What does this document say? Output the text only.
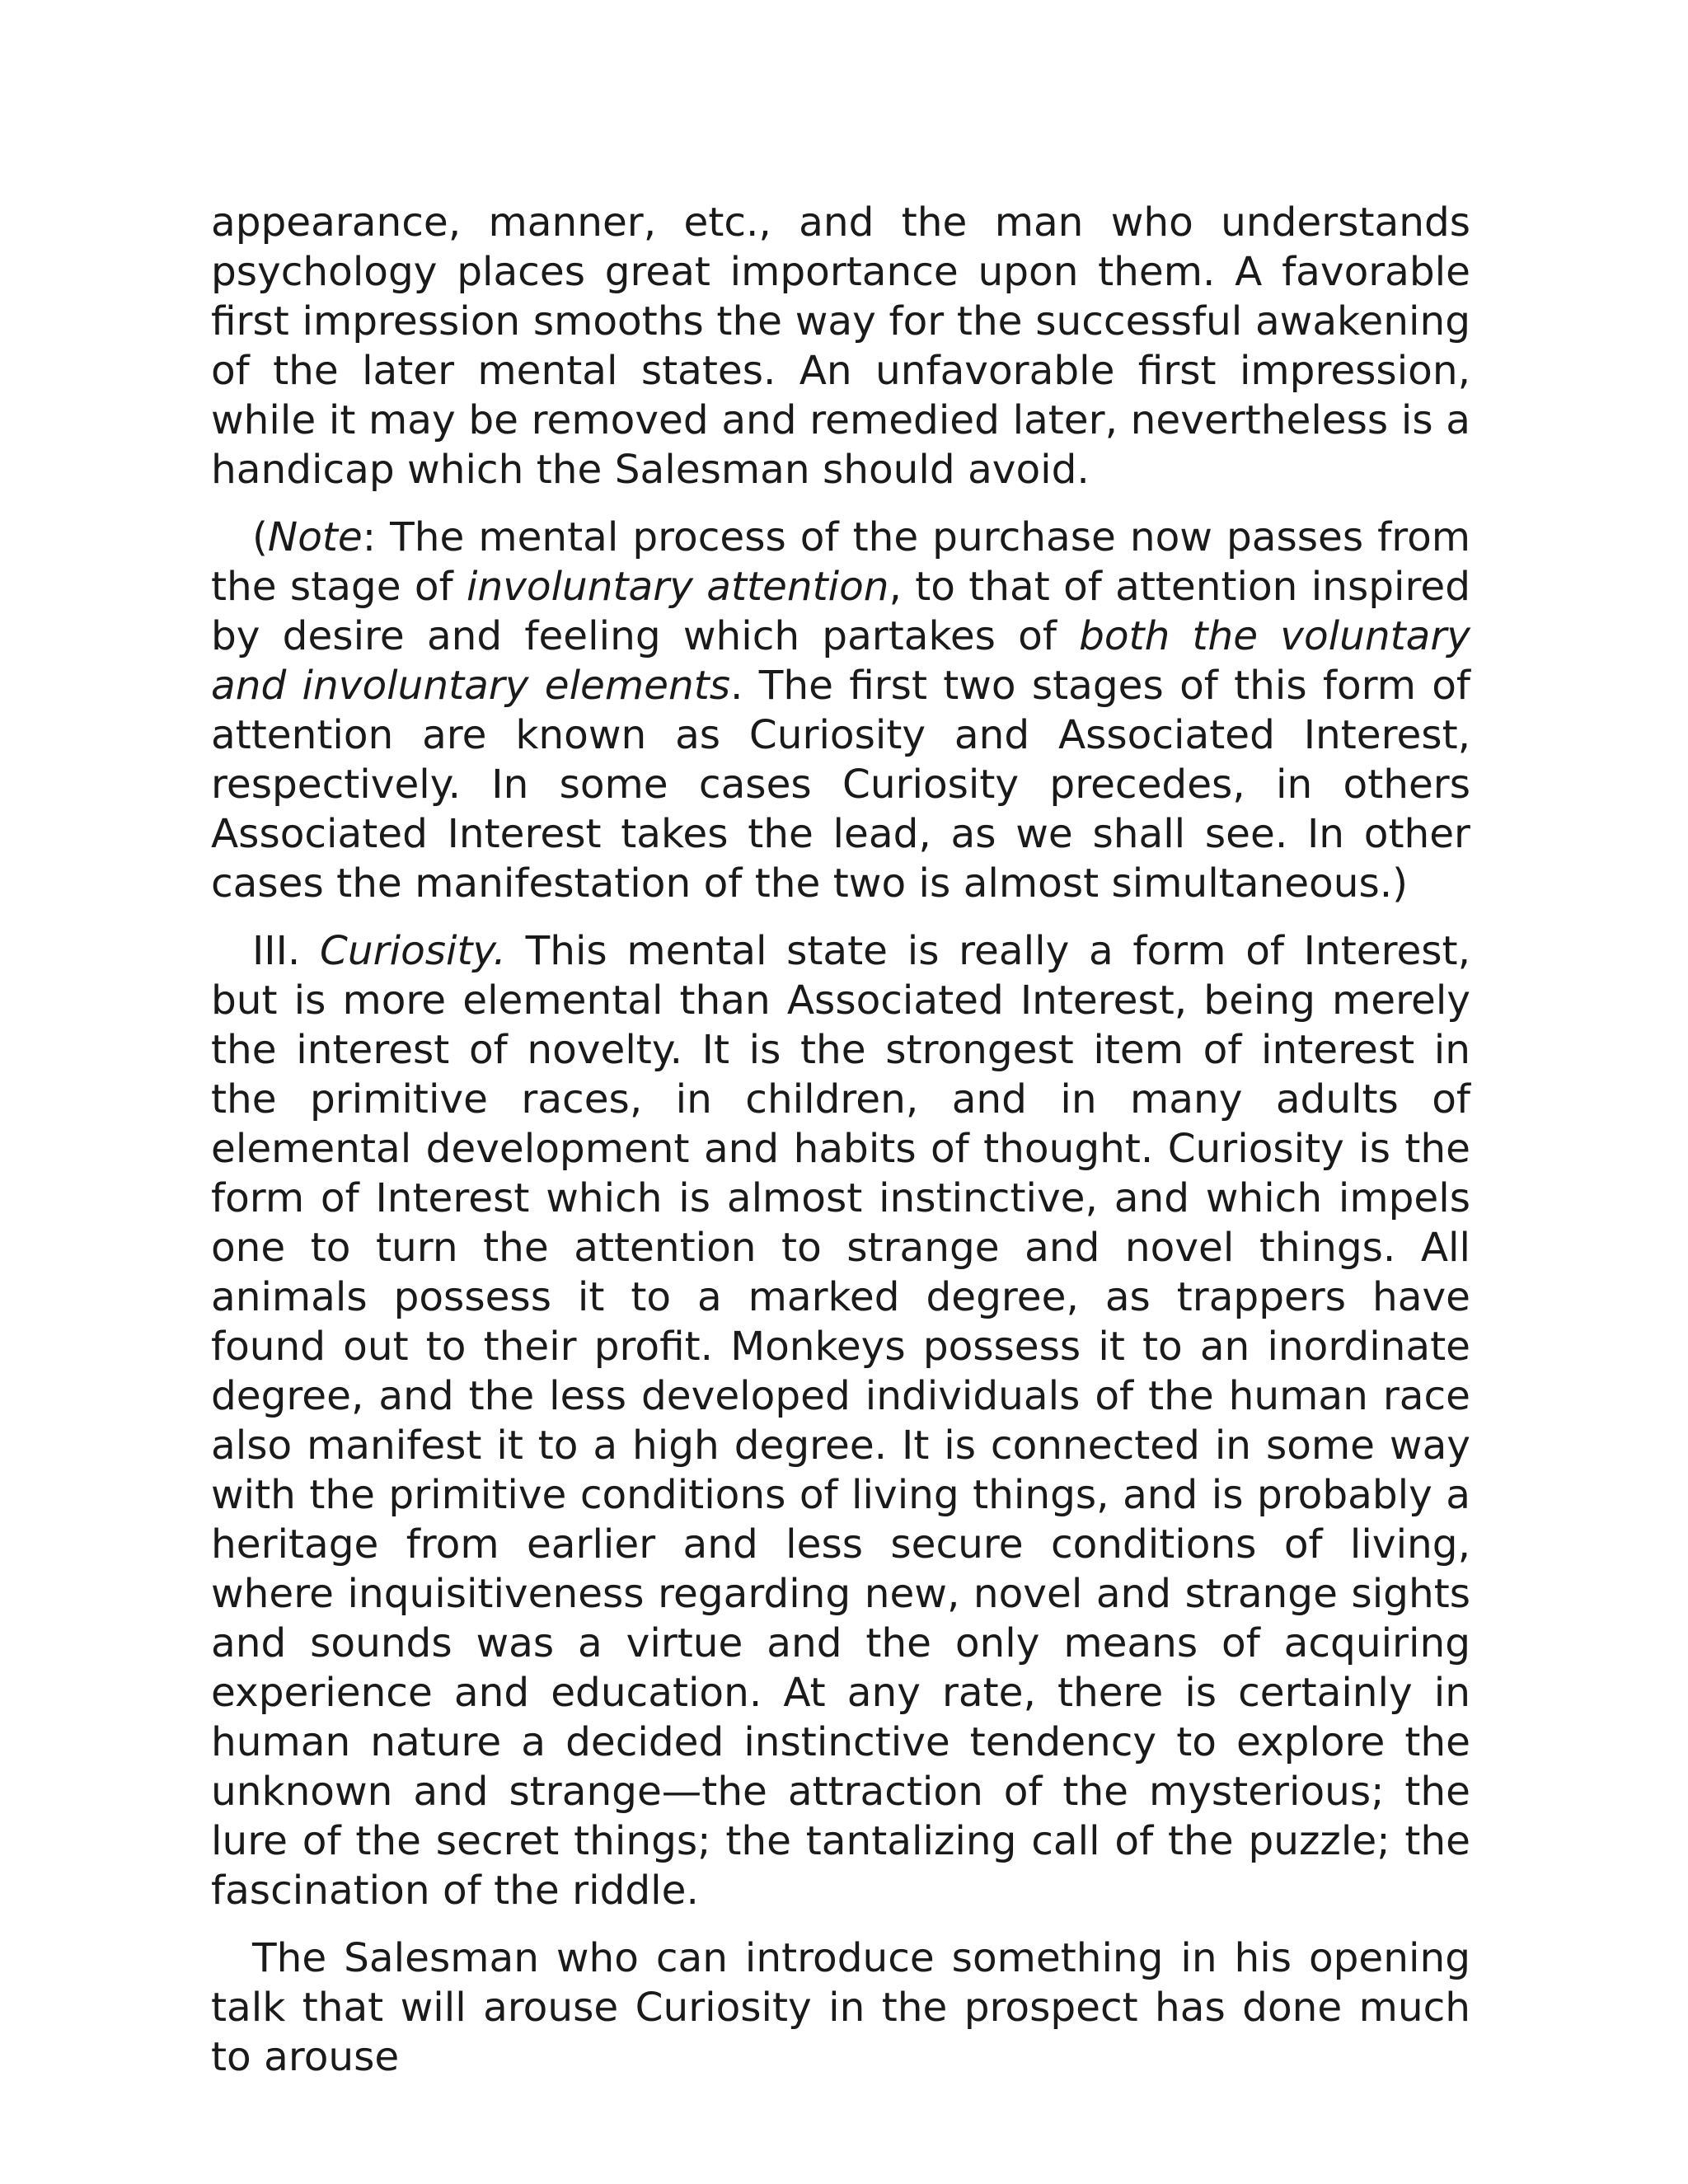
appearance, manner, etc., and the man who understands psychology places great importance upon them. A favorable first impression smooths the way for the successful awakening of the later mental states. An unfavorable first impression, while it may be removed and remedied later, nevertheless is a handicap which the Salesman should avoid.

(Note: The mental process of the purchase now passes from the stage of involuntary attention, to that of attention inspired by desire and feeling which partakes of both the voluntary and involuntary elements. The first two stages of this form of attention are known as Curiosity and Associated Interest, respectively. In some cases Curiosity precedes, in others Associated Interest takes the lead, as we shall see. In other cases the manifestation of the two is almost simultaneous.)

III. Curiosity. This mental state is really a form of Interest, but is more elemental than Associated Interest, being merely the interest of novelty. It is the strongest item of interest in the primitive races, in children, and in many adults of elemental development and habits of thought. Curiosity is the form of Interest which is almost instinctive, and which impels one to turn the attention to strange and novel things. All animals possess it to a marked degree, as trappers have found out to their profit. Monkeys possess it to an inordinate degree, and the less developed individuals of the human race also manifest it to a high degree. It is connected in some way with the primitive conditions of living things, and is probably a heritage from earlier and less secure conditions of living, where inquisitiveness regarding new, novel and strange sights and sounds was a virtue and the only means of acquiring experience and education. At any rate, there is certainly in human nature a decided instinctive tendency to explore the unknown and strange—the attraction of the mysterious; the lure of the secret things; the tantalizing call of the puzzle; the fascination of the riddle.

The Salesman who can introduce something in his opening talk that will arouse Curiosity in the prospect has done much to arouse
